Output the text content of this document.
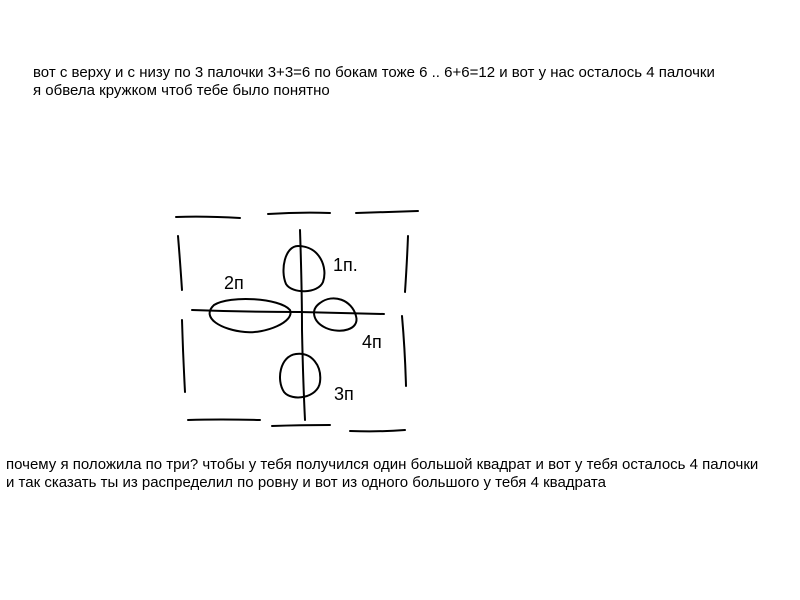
вот с верху и с низу по 3 палочки 3+3=6 по бокам тоже 6 .. 6+6=12 и вот у нас осталось 4 палочки
я обвела кружком чтоб тебе было понятно
1п.
2п
4п
3п
почему я положила по три? чтобы у тебя получился один большой квадрат и вот у тебя осталось 4 палочки
и так сказать ты из распределил по ровну и вот из одного большого у тебя 4 квадрата
